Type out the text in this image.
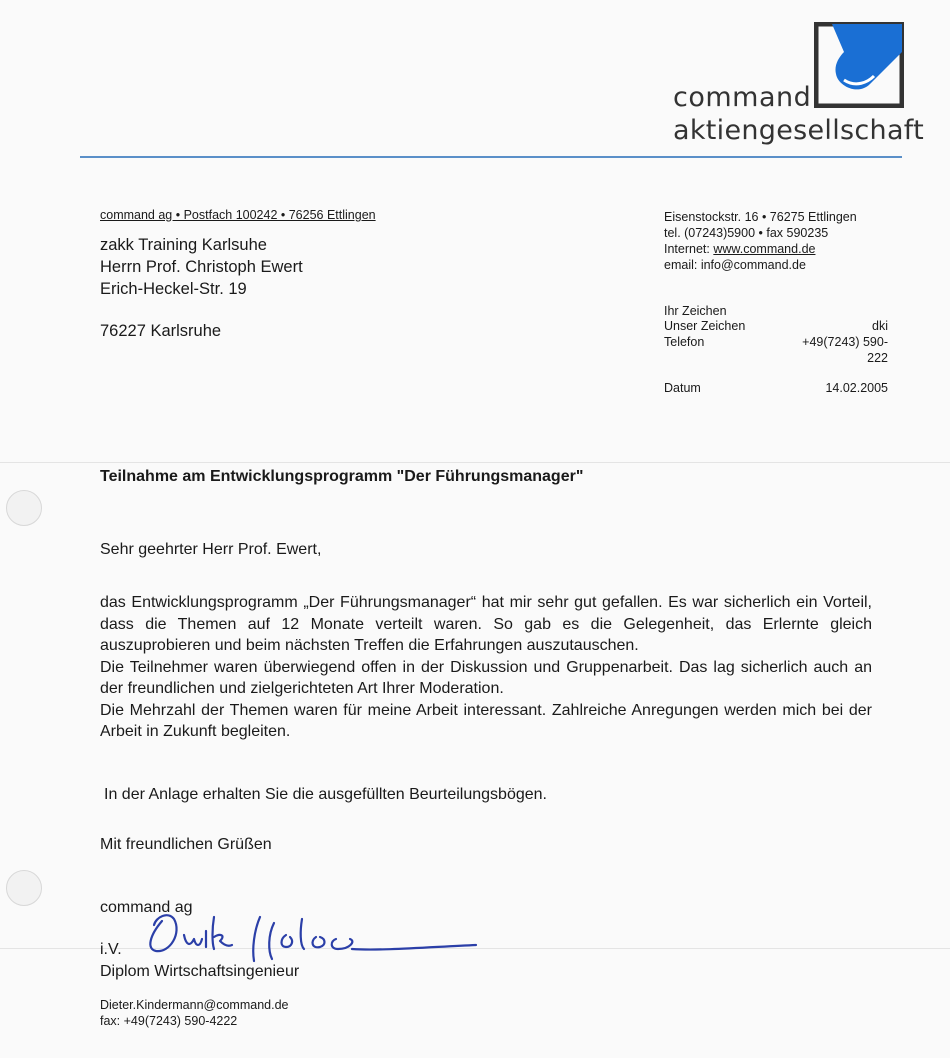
command
aktiengesellschaft
command ag • Postfach 100242 • 76256 Ettlingen
zakk Training Karlsuhe
Herrn Prof. Christoph Ewert
Erich-Heckel-Str. 19
76227 Karlsruhe
Eisenstockstr. 16 • 76275 Ettlingen
tel. (07243)5900 • fax 590235
Internet: www.command.de
email: info@command.de
Ihr Zeichen
Unser Zeichen	dki
Telefon	+49(7243) 590-
222
Datum	14.02.2005
Teilnahme am Entwicklungsprogramm "Der Führungsmanager"
Sehr geehrter Herr Prof. Ewert,

das Entwicklungsprogramm „Der Führungsmanager“ hat mir sehr gut gefallen. Es war sicherlich ein Vorteil, dass die Themen auf 12 Monate verteilt waren. So gab es die Gelegenheit, das Erlernte gleich auszuprobieren und beim nächsten Treffen die Erfahrungen auszutauschen.

Die Teilnehmer waren überwiegend offen in der Diskussion und Gruppenarbeit. Das lag sicherlich auch an der freundlichen und zielgerichteten Art Ihrer Moderation.

Die Mehrzahl der Themen waren für meine Arbeit interessant. Zahlreiche Anregungen werden mich bei der Arbeit in Zukunft begleiten.

In der Anlage erhalten Sie die ausgefüllten Beurteilungsbögen.
Mit freundlichen Grüßen
command ag
i.V.
Diplom Wirtschaftsingenieur
Dieter.Kindermann@command.de
fax: +49(7243) 590-4222
